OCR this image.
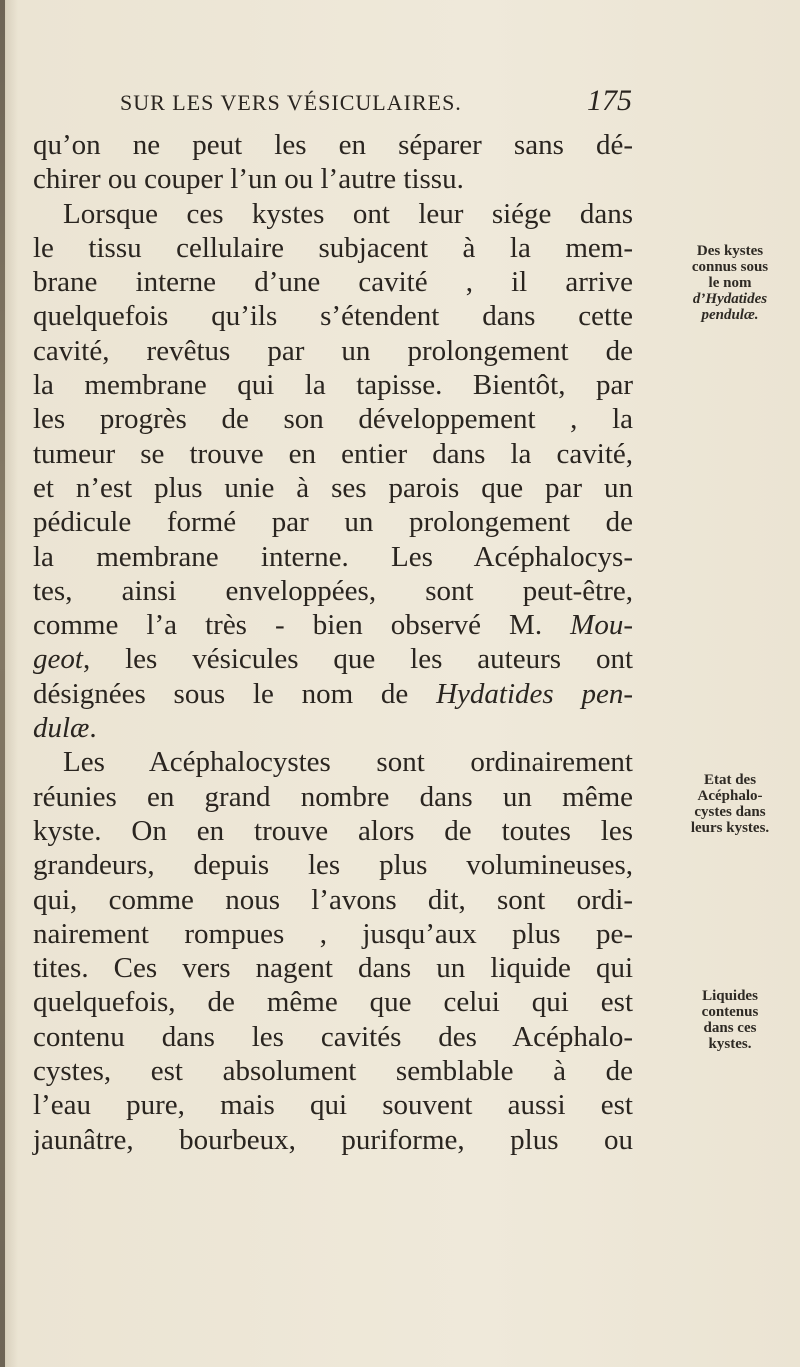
SUR LES VERS VÉSICULAIRES.	175
qu’on ne peut les en séparer sans dé-
chirer ou couper l’un ou l’autre tissu.
Lorsque ces kystes ont leur siége dans
le tissu cellulaire subjacent à la mem-
brane interne d’une cavité , il arrive
quelquefois qu’ils s’étendent dans cette
cavité, revêtus par un prolongement de
la membrane qui la tapisse. Bientôt, par
les progrès de son développement , la
tumeur se trouve en entier dans la cavité,
et n’est plus unie à ses parois que par un
pédicule formé par un prolongement de
la membrane interne. Les Acéphalocys-
tes, ainsi enveloppées, sont peut-être,
comme l’a très - bien observé M. Mou-
geot, les vésicules que les auteurs ont
désignées sous le nom de Hydatides pen-
dulæ.
Les Acéphalocystes sont ordinairement
réunies en grand nombre dans un même
kyste. On en trouve alors de toutes les
grandeurs, depuis les plus volumineuses,
qui, comme nous l’avons dit, sont ordi-
nairement rompues , jusqu’aux plus pe-
tites. Ces vers nagent dans un liquide qui
quelquefois, de même que celui qui est
contenu dans les cavités des Acéphalo-
cystes, est absolument semblable à de
l’eau pure, mais qui souvent aussi est
jaunâtre, bourbeux, puriforme, plus ou
Des kystes
connus sous
le nom
d’Hydatides
pendulæ.
Etat des
Acéphalo-
cystes dans
leurs kystes.
Liquides
contenus
dans ces
kystes.
